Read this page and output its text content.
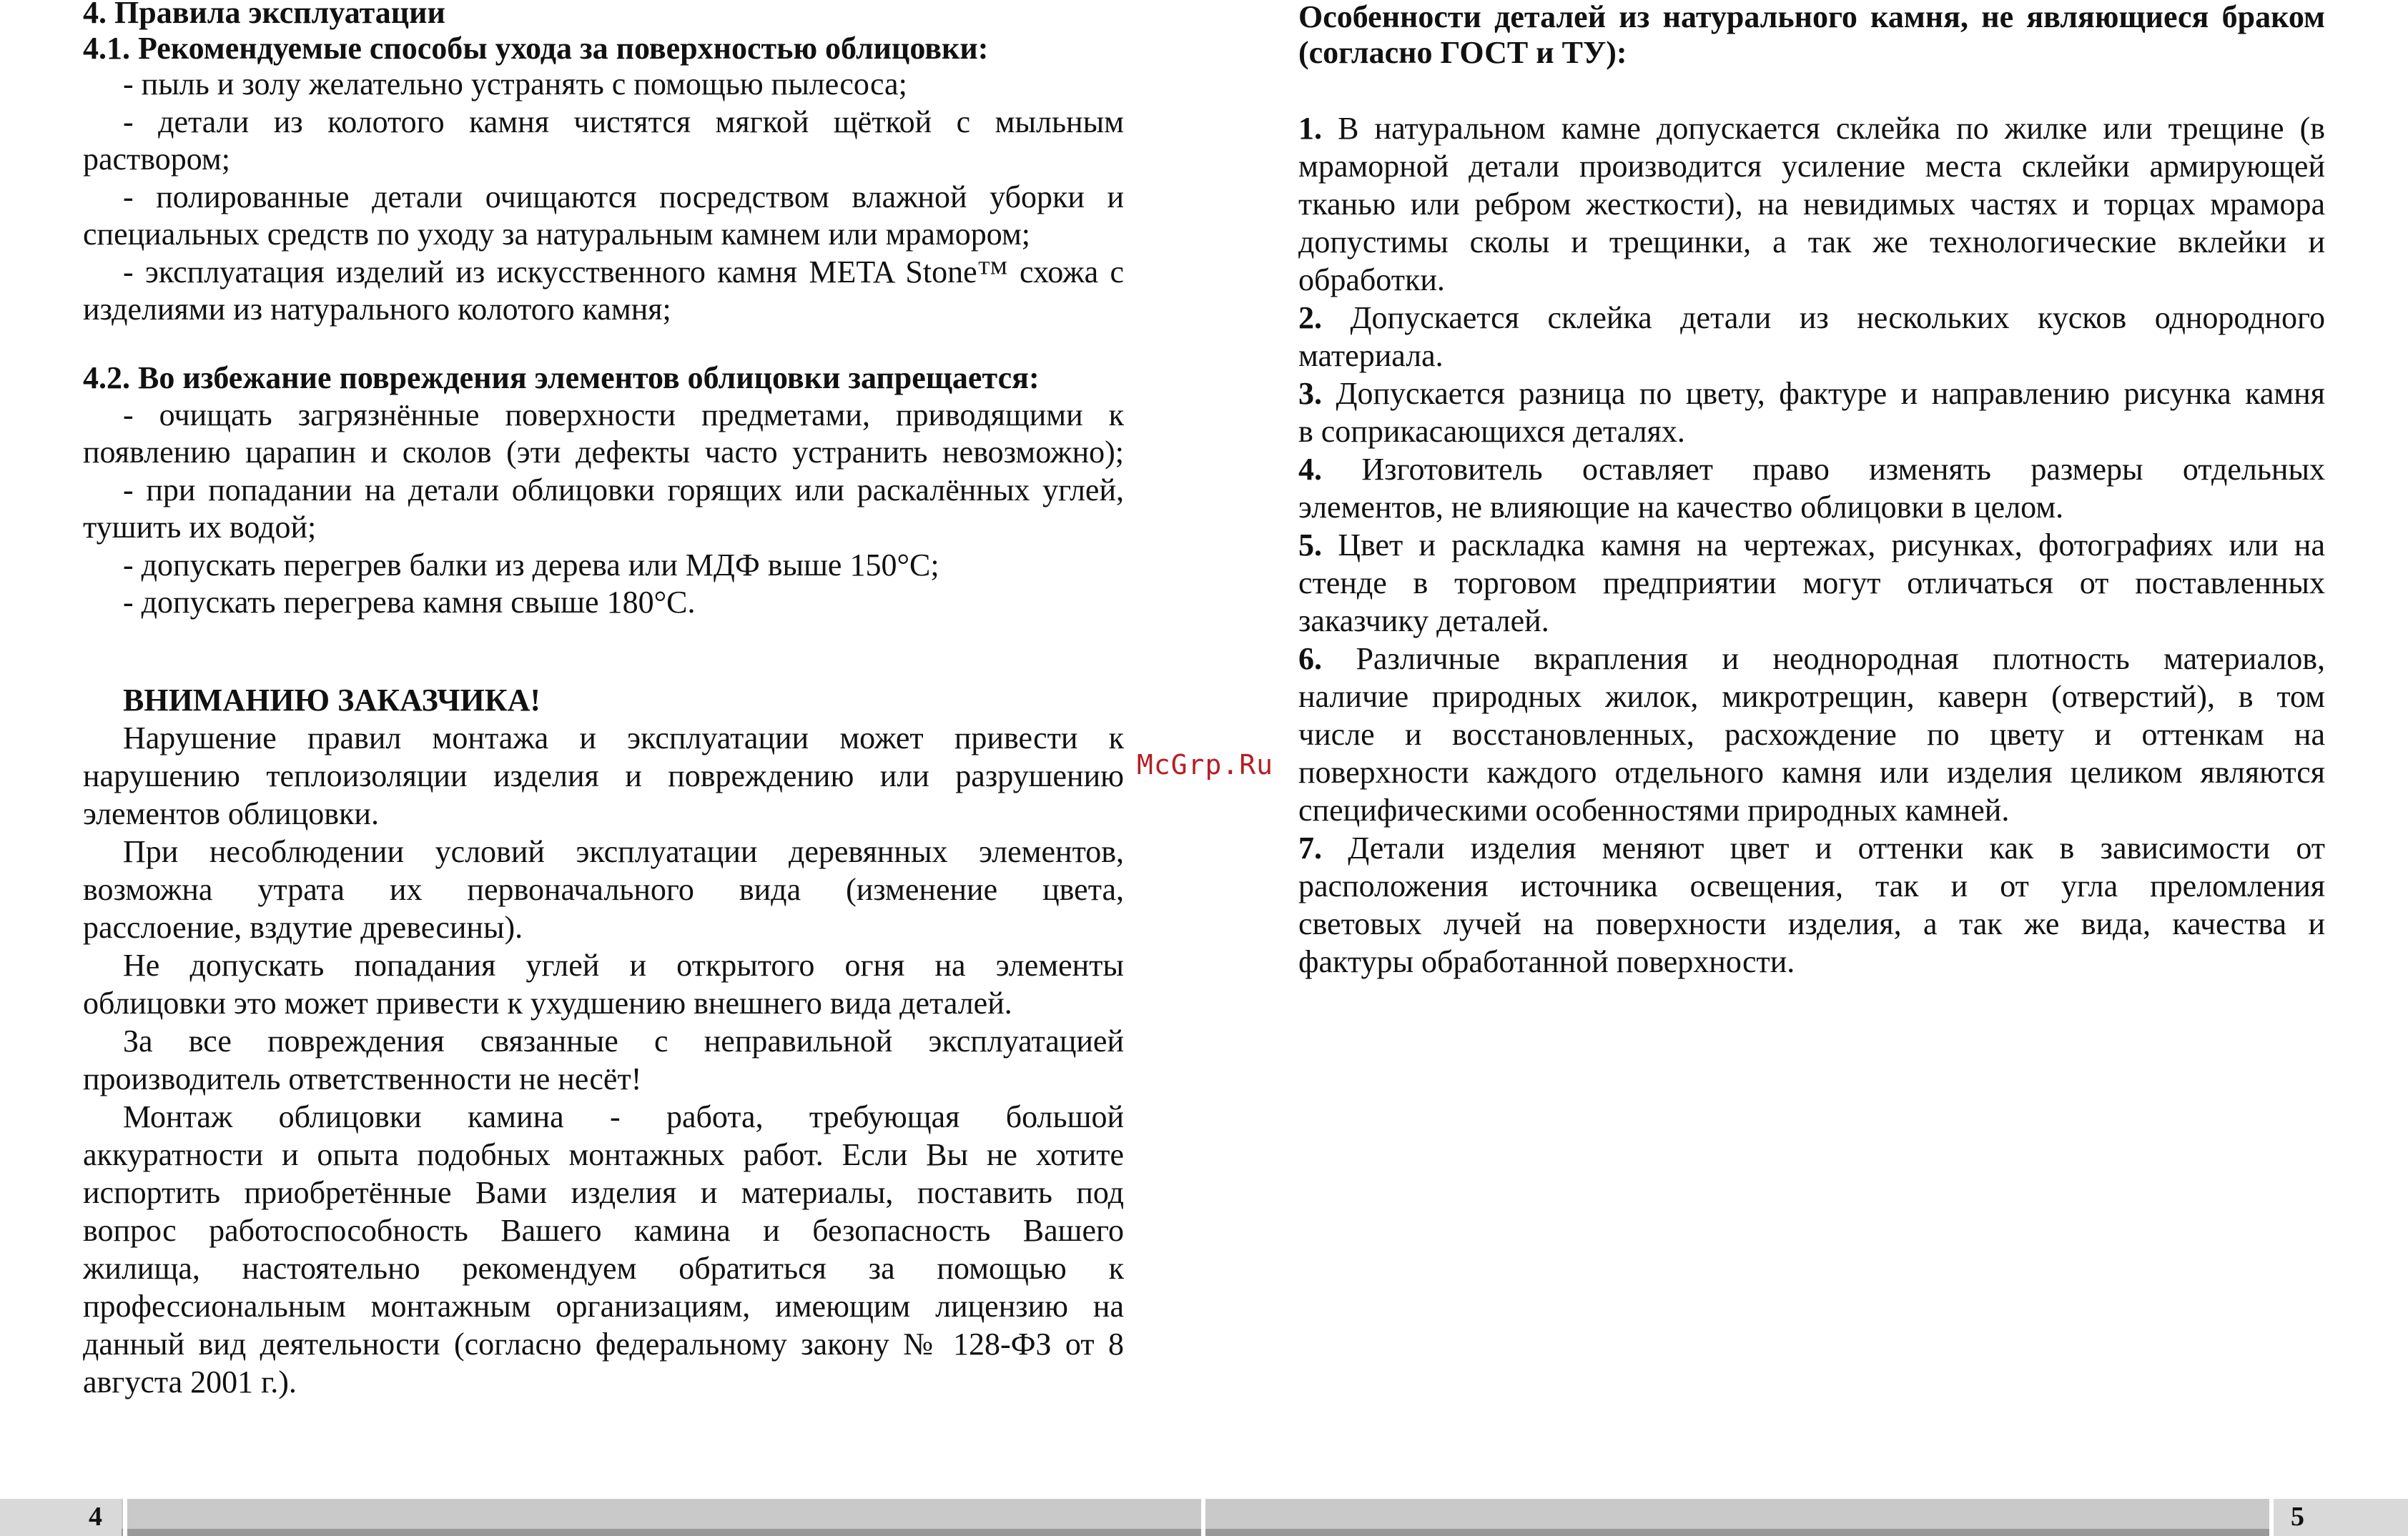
4. Правила эксплуатации
4.1. Рекомендуемые способы ухода за поверхностью облицовки:
- пыль и золу желательно устранять с помощью пылесоса;
- детали из колотого камня чистятся мягкой щёткой с мыльным
раствором;
- полированные детали очищаются посредством влажной уборки и
специальных средств по уходу за натуральным камнем или мрамором;
- эксплуатация изделий из искусственного камня META Stone™ схожа с
изделиями из натурального колотого камня;
4.2. Во избежание повреждения элементов облицовки запрещается:
- очищать загрязнённые поверхности предметами, приводящими к
появлению царапин и сколов (эти дефекты часто устранить невозможно);
- при попадании на детали облицовки горящих или раскалённых углей,
тушить их водой;
- допускать перегрев балки из дерева или МДФ выше 150°C;
- допускать перегрева камня свыше 180°C.
ВНИМАНИЮ ЗАКАЗЧИКА!
Нарушение правил монтажа и эксплуатации может привести к
нарушению теплоизоляции изделия и повреждению или разрушению
элементов облицовки.
При несоблюдении условий эксплуатации деревянных элементов,
возможна утрата их первоначального вида (изменение цвета,
расслоение, вздутие древесины).
Не допускать попадания углей и открытого огня на элементы
облицовки это может привести к ухудшению внешнего вида деталей.
За все повреждения связанные с неправильной эксплуатацией
производитель ответственности не несёт!
Монтаж облицовки камина - работа, требующая большой
аккуратности и опыта подобных монтажных работ. Если Вы не хотите
испортить приобретённые Вами изделия и материалы, поставить под
вопрос работоспособность Вашего камина и безопасность Вашего
жилища, настоятельно рекомендуем обратиться за помощью к
профессиональным монтажным организациям, имеющим лицензию на
данный вид деятельности (согласно федеральному закону № 128-ФЗ от 8
августа 2001 г.).
McGrp.Ru
Особенности деталей из натурального камня, не являющиеся браком
(согласно ГОСТ и ТУ):
1. В натуральном камне допускается склейка по жилке или трещине (в
мраморной детали производится усиление места склейки армирующей
тканью или ребром жесткости), на невидимых частях и торцах мрамора
допустимы сколы и трещинки, а так же технологические вклейки и
обработки.
2. Допускается склейка детали из нескольких кусков однородного
материала.
3. Допускается разница по цвету, фактуре и направлению рисунка камня
в соприкасающихся деталях.
4. Изготовитель оставляет право изменять размеры отдельных
элементов, не влияющие на качество облицовки в целом.
5. Цвет и раскладка камня на чертежах, рисунках, фотографиях или на
стенде в торговом предприятии могут отличаться от поставленных
заказчику деталей.
6. Различные вкрапления и неоднородная плотность материалов,
наличие природных жилок, микротрещин, каверн (отверстий), в том
числе и восстановленных, расхождение по цвету и оттенкам на
поверхности каждого отдельного камня или изделия целиком являются
специфическими особенностями природных камней.
7. Детали изделия меняют цвет и оттенки как в зависимости от
расположения источника освещения, так и от угла преломления
световых лучей на поверхности изделия, а так же вида, качества и
фактуры обработанной поверхности.
4	5
